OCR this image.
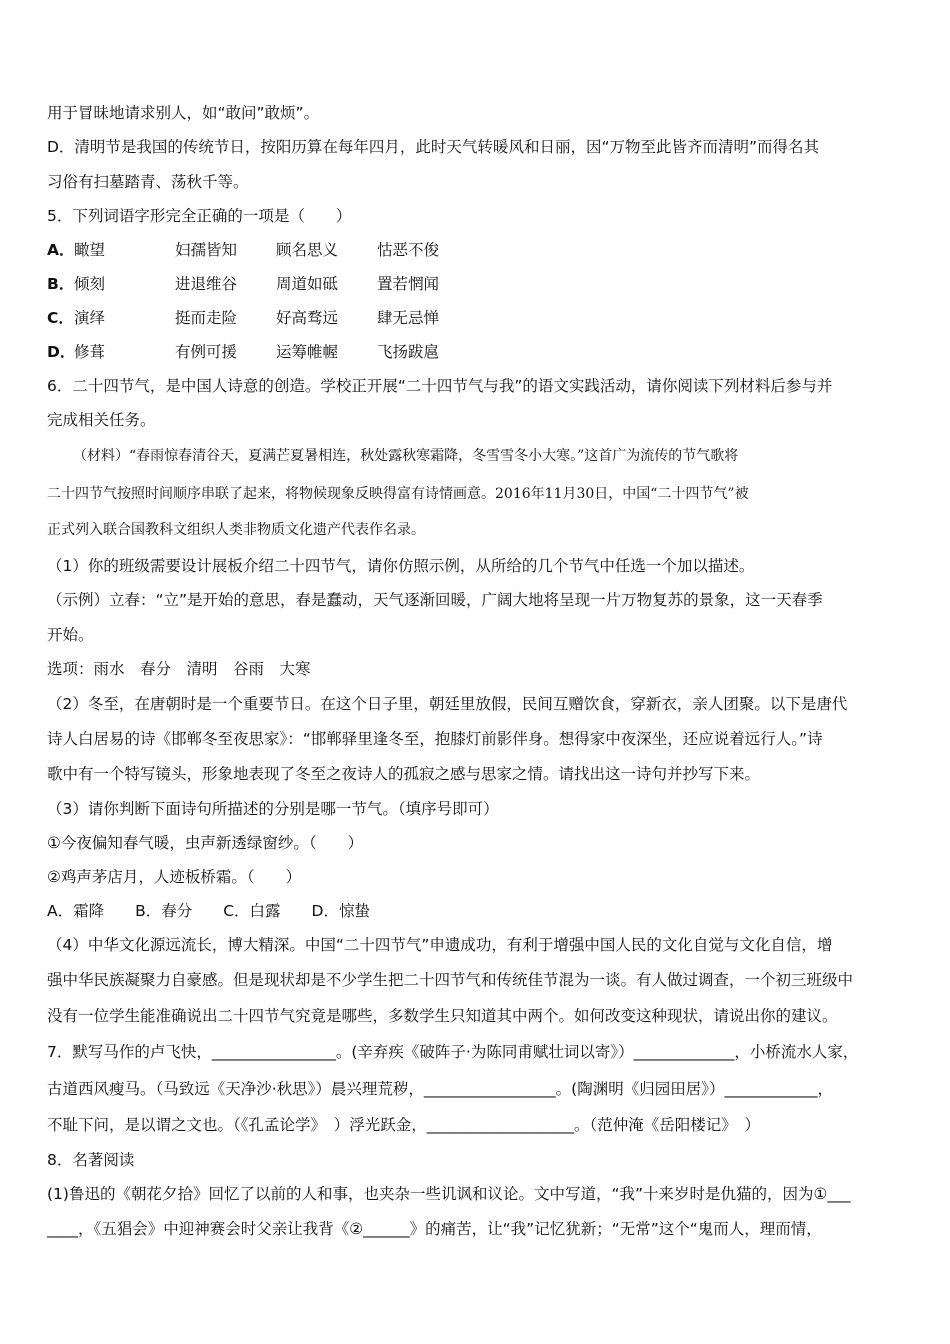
用于冒昧地请求别人，如“敢问”敢烦”。
D．清明节是我国的传统节日，按阳历算在每年四月，此时天气转暖风和日丽，因“万物至此皆齐而清明”而得名其
习俗有扫墓踏青、荡秋千等。
5．下列词语字形完全正确的一项是（　　）
A．瞰望	妇孺皆知	顾名思义	怙恶不俊
B．倾刻	进退维谷	周道如砥	置若惘闻
C．演绎	挺而走险	好高骛远	肆无忌惮
D．修葺	有例可援	运筹帷幄	飞扬跋扈
6．二十四节气，是中国人诗意的创造。学校正开展“二十四节气与我”的语文实践活动，请你阅读下列材料后参与并
完成相关任务。
（材料）“春雨惊春清谷天，夏满芒夏暑相连，秋处露秋寒霜降，冬雪雪冬小大寒。”这首广为流传的节气歌将
二十四节气按照时间顺序串联了起来，将物候现象反映得富有诗情画意。2016年11月30日，中国“二十四节气”被
正式列入联合国教科文组织人类非物质文化遗产代表作名录。
（1）你的班级需要设计展板介绍二十四节气，请你仿照示例，从所给的几个节气中任选一个加以描述。
（示例）立春：“立”是开始的意思，春是蠢动，天气逐渐回暖，广阔大地将呈现一片万物复苏的景象，这一天春季
开始。
选项：雨水　春分　清明　谷雨　大寒
（2）冬至，在唐朝时是一个重要节日。在这个日子里，朝廷里放假，民间互赠饮食，穿新衣，亲人团聚。以下是唐代
诗人白居易的诗《邯郸冬至夜思家》：“邯郸驿里逢冬至，抱膝灯前影伴身。想得家中夜深坐，还应说着远行人。”诗
歌中有一个特写镜头，形象地表现了冬至之夜诗人的孤寂之感与思家之情。请找出这一诗句并抄写下来。
（3）请你判断下面诗句所描述的分别是哪一节气。（填序号即可）
①今夜偏知春气暖，虫声新透绿窗纱。（　　）
②鸡声茅店月，人迹板桥霜。（　　）
A．霜降　　B．春分　　C．白露　　D．惊蛰
（4）中华文化源远流长，博大精深。中国“二十四节气”申遗成功，有利于增强中国人民的文化自觉与文化自信，增
强中华民族凝聚力自豪感。但是现状却是不少学生把二十四节气和传统佳节混为一谈。有人做过调查，一个初三班级中
没有一位学生能准确说出二十四节气究竟是哪些，多数学生只知道其中两个。如何改变这种现状，请说出你的建议。
7．默写马作的卢飞快，________________。(辛弃疾《破阵子·为陈同甫赋壮词以寄》）_____________，小桥流水人家，
古道西风瘦马。（马致远《天净沙·秋思》）晨兴理荒秽，_________________。(陶渊明《归园田居》）____________，
不耻下问，是以谓之文也。（《孔孟论学》　）浮光跃金，___________________。（范仲淹《岳阳楼记》　）
8．名著阅读
(1)鲁迅的《朝花夕拾》回忆了以前的人和事，也夹杂一些讥讽和议论。文中写道，“我”十来岁时是仇猫的，因为①___
____，《五猖会》中迎神赛会时父亲让我背《②______》的痛苦，让“我”记忆犹新；“无常”这个“鬼而人，理而情，
